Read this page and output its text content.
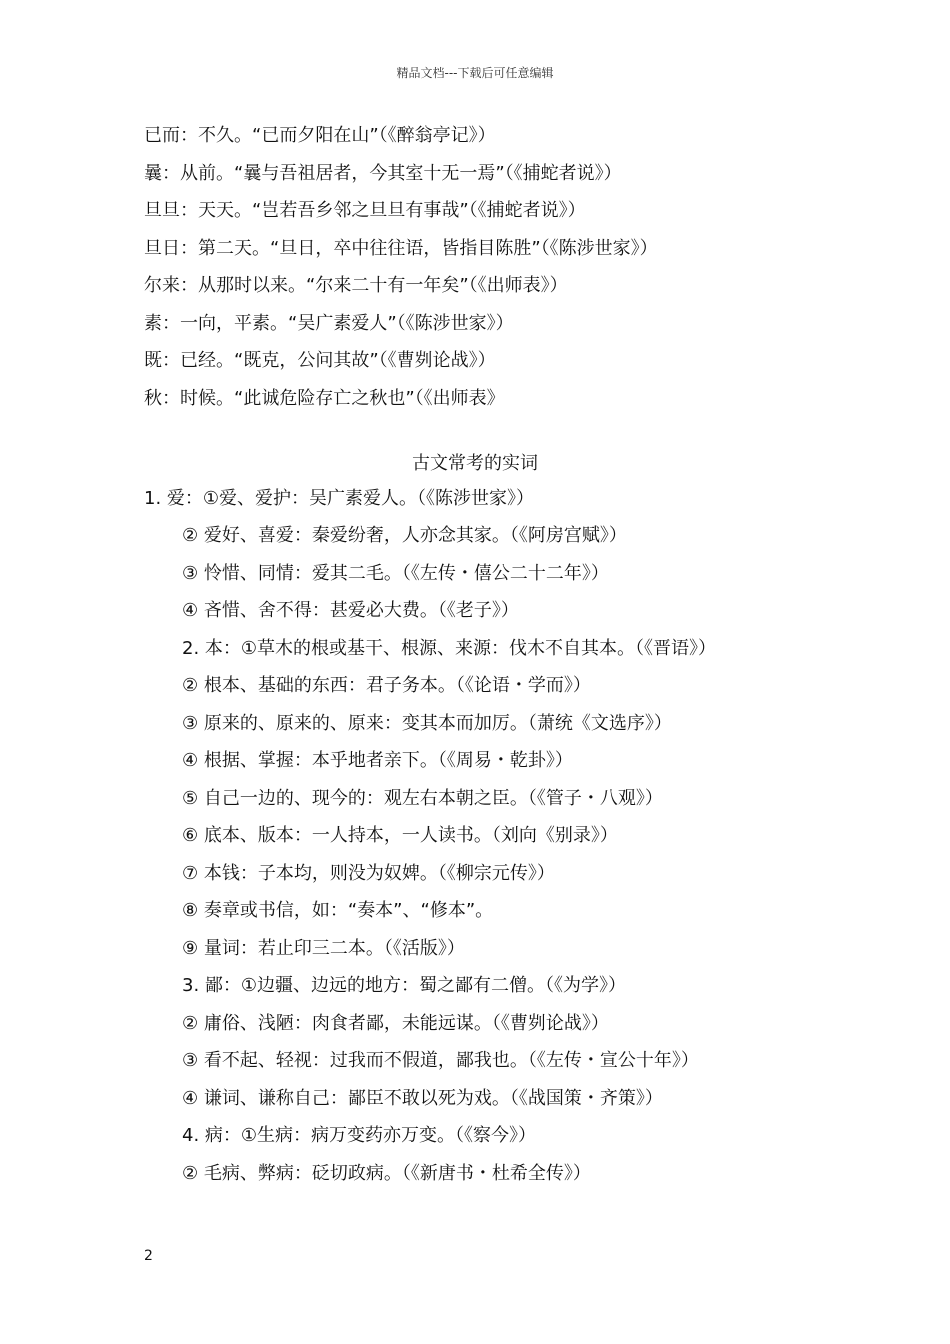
精品文档---下载后可任意编辑
已而：不久。“已而夕阳在山”（《醉翁亭记》）
曩：从前。“曩与吾祖居者，今其室十无一焉”（《捕蛇者说》）
旦旦：天天。“岂若吾乡邻之旦旦有事哉”（《捕蛇者说》）
旦日：第二天。“旦日，卒中往往语，皆指目陈胜”（《陈涉世家》）
尔来：从那时以来。“尔来二十有一年矣”（《出师表》）
素：一向，平素。“吴广素爱人”（《陈涉世家》）
既：已经。“既克，公问其故”（《曹刿论战》）
秋：时候。“此诚危险存亡之秋也”（《出师表》
古文常考的实词
1. 爱：①爱、爱护：吴广素爱人。（《陈涉世家》）
② 爱好、喜爱：秦爱纷奢，人亦念其家。（《阿房宫赋》）
③ 怜惜、同情：爱其二毛。（《左传・僖公二十二年》）
④ 吝惜、舍不得：甚爱必大费。（《老子》）
2. 本：①草木的根或基干、根源、来源：伐木不自其本。（《晋语》）
② 根本、基础的东西：君子务本。（《论语・学而》）
③ 原来的、原来的、原来：变其本而加厉。（萧统《文选序》）
④ 根据、掌握：本乎地者亲下。（《周易・乾卦》）
⑤ 自己一边的、现今的：观左右本朝之臣。（《管子・八观》）
⑥ 底本、版本：一人持本，一人读书。（刘向《别录》）
⑦ 本钱：子本均，则没为奴婢。（《柳宗元传》）
⑧ 奏章或书信，如：“奏本”、“修本”。
⑨ 量词：若止印三二本。（《活版》）
3. 鄙：①边疆、边远的地方：蜀之鄙有二僧。（《为学》）
② 庸俗、浅陋：肉食者鄙，未能远谋。（《曹刿论战》）
③ 看不起、轻视：过我而不假道，鄙我也。（《左传・宣公十年》）
④ 谦词、谦称自己：鄙臣不敢以死为戏。（《战国策・齐策》）
4. 病：①生病：病万变药亦万变。（《察今》）
② 毛病、弊病：砭切政病。（《新唐书・杜希全传》）
2
